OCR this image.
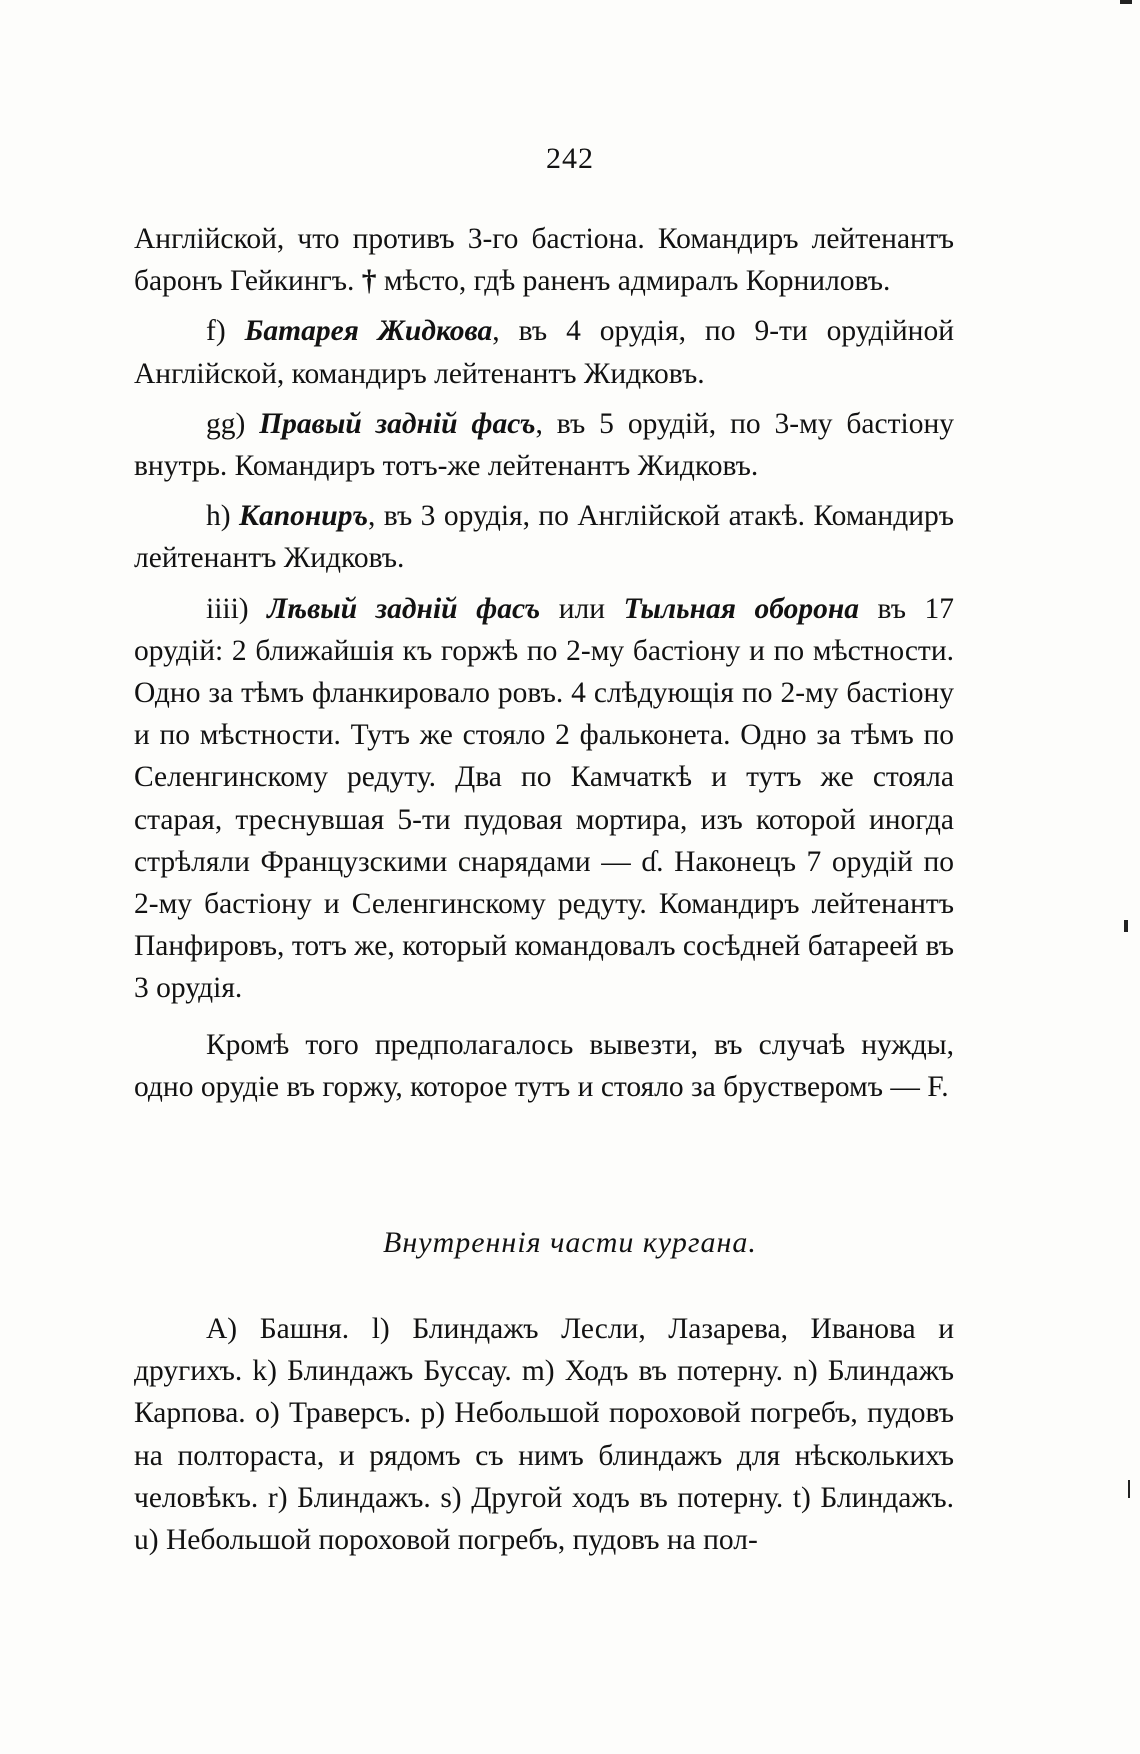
242

Англійской, что противъ 3-го бастіона. Командиръ лейтенантъ баронъ Гейкингъ. † мѣсто, гдѣ раненъ адмиралъ Корниловъ.

f) Батарея Жидкова, въ 4 орудія, по 9-ти орудійной Англійской, командиръ лейтенантъ Жидковъ.

gg) Правый задній фасъ, въ 5 орудій, по 3-му бастіону внутрь. Командиръ тотъ-же лейтенантъ Жидковъ.

h) Капониръ, въ 3 орудія, по Англійской атакѣ. Командиръ лейтенантъ Жидковъ.

iiii) Лѣвый задній фасъ или Тыльная оборона въ 17 орудій: 2 ближайшія къ горжѣ по 2-му бастіону и по мѣстности. Одно за тѣмъ фланкировало ровъ. 4 слѣдующія по 2-му бастіону и по мѣстности. Тутъ же стояло 2 фальконета. Одно за тѣмъ по Селенгинскому редуту. Два по Камчаткѣ и тутъ же стояла старая, треснувшая 5-ти пудовая мортира, изъ которой иногда стрѣляли Французскими снарядами — ɗ. Наконецъ 7 орудій по 2-му бастіону и Селенгинскому редуту. Командиръ лейтенантъ Панфировъ, тотъ же, который командовалъ сосѣдней батареей въ 3 орудія.

Кромѣ того предполагалось вывезти, въ случаѣ нужды, одно орудіе въ горжу, которое тутъ и стояло за брустверомъ — F.

Внутреннія части кургана.

A) Башня. l) Блиндажъ Лесли, Лазарева, Иванова и другихъ. k) Блиндажъ Буссау. m) Ходъ въ потерну. n) Блиндажъ Карпова. o) Траверсъ. p) Небольшой пороховой погребъ, пудовъ на полтораста, и рядомъ съ нимъ блиндажъ для нѣсколькихъ человѣкъ. r) Блиндажъ. s) Другой ходъ въ потерну. t) Блиндажъ. u) Небольшой пороховой погребъ, пудовъ на пол-
